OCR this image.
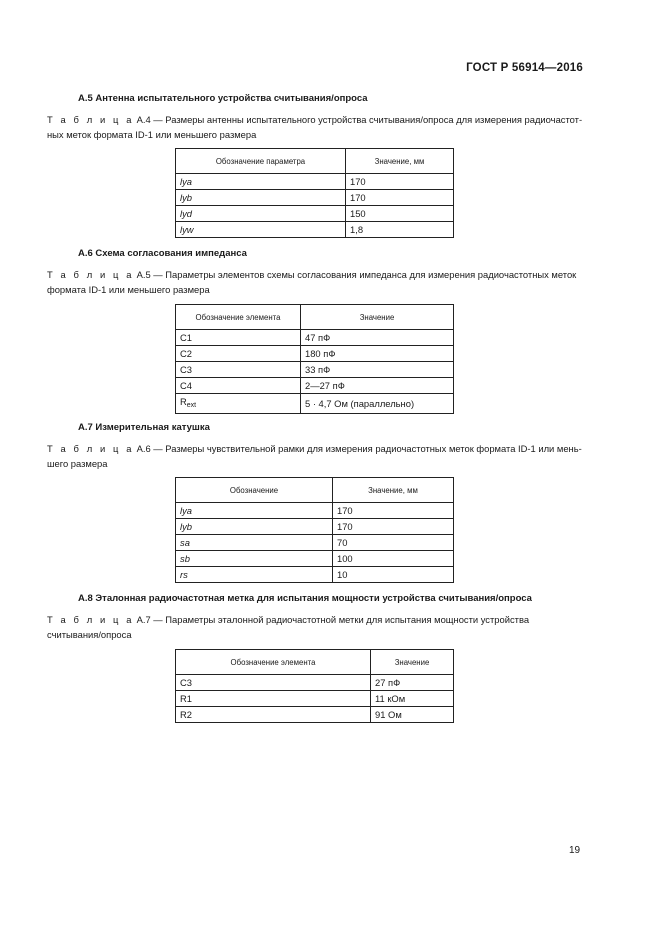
ГОСТ Р 56914—2016
А.5 Антенна испытательного устройства считывания/опроса
Т а б л и ц а А.4 — Размеры антенны испытательного устройства считывания/опроса для измерения радиочастот-ных меток формата ID-1 или меньшего размера
Обозначение параметра	Значение, мм
lya	170
lyb	170
lyd	150
lyw	1,8
А.6 Схема согласования импеданса
Т а б л и ц а А.5 — Параметры элементов схемы согласования импеданса для измерения радиочастотных меток формата ID-1 или меньшего размера
Обозначение элемента	Значение
C1	47 пФ
C2	180 пФ
C3	33 пФ
C4	2—27 пФ
$R_{ext}$	5 · 4,7 Ом (параллельно)
А.7 Измерительная катушка
Т а б л и ц а А.6 — Размеры чувствительной рамки для измерения радиочастотных меток формата ID-1 или мень-шего размера
Обозначение	Значение, мм
lya	170
lyb	170
sa	70
sb	100
rs	10
А.8 Эталонная радиочастотная метка для испытания мощности устройства считывания/опроса
Т а б л и ц а А.7 — Параметры эталонной радиочастотной метки для испытания мощности устройства считывания/опроса
Обозначение элемента	Значение
C3	27 пФ
R1	11 кОм
R2	91 Ом
19
